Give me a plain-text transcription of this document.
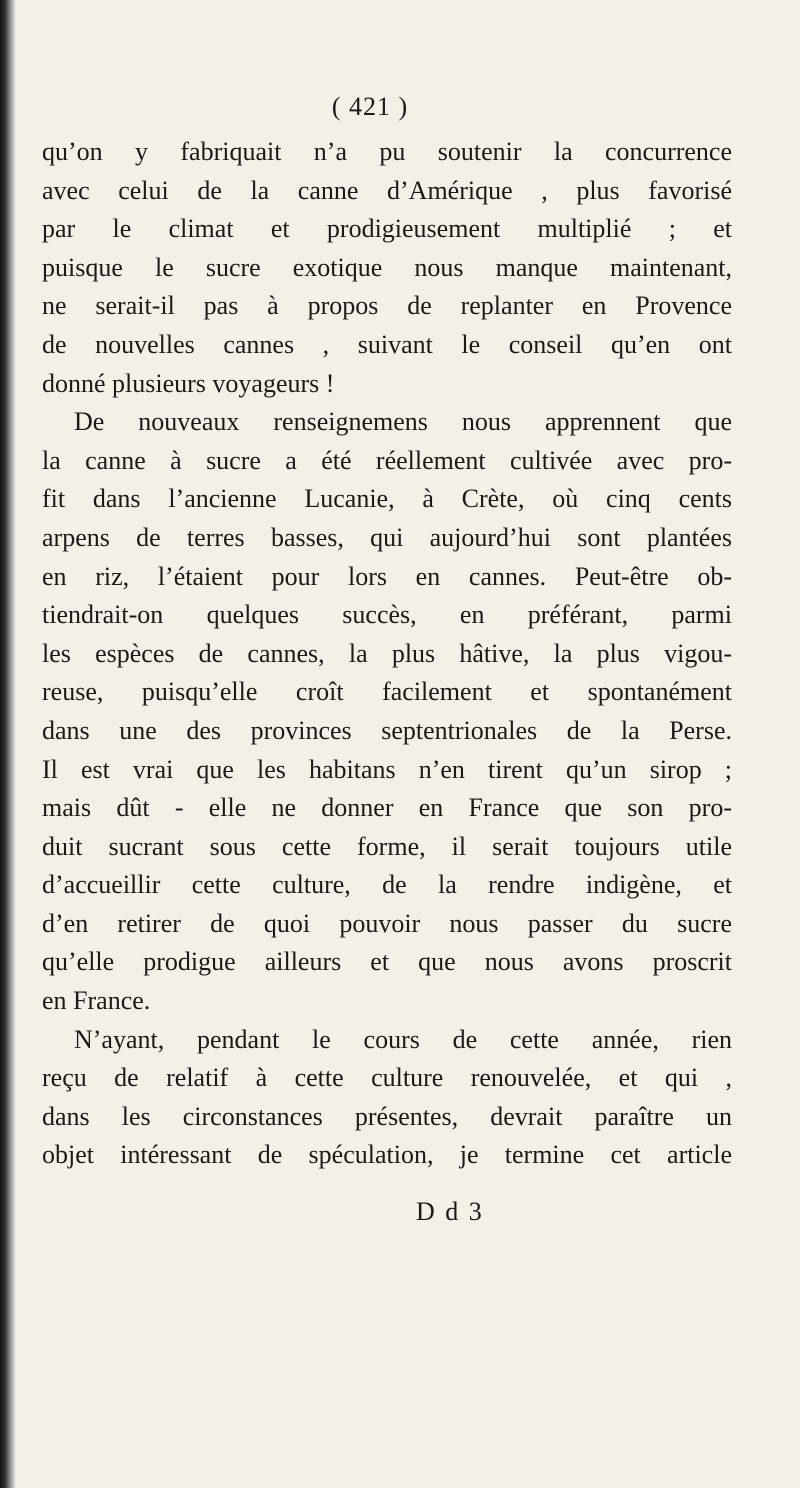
( 421 )
qu’on y fabriquait n’a pu soutenir la concurrence
avec celui de la canne d’Amérique , plus favorisé
par le climat et prodigieusement multiplié ; et
puisque le sucre exotique nous manque maintenant,
ne serait-il pas à propos de replanter en Provence
de nouvelles cannes , suivant le conseil qu’en ont
donné plusieurs voyageurs !
De nouveaux renseignemens nous apprennent que
la canne à sucre a été réellement cultivée avec pro-
fit dans l’ancienne Lucanie, à Crète, où cinq cents
arpens de terres basses, qui aujourd’hui sont plantées
en riz, l’étaient pour lors en cannes. Peut-être ob-
tiendrait-on quelques succès, en préférant, parmi
les espèces de cannes, la plus hâtive, la plus vigou-
reuse, puisqu’elle croît facilement et spontanément
dans une des provinces septentrionales de la Perse.
Il est vrai que les habitans n’en tirent qu’un sirop ;
mais dût - elle ne donner en France que son pro-
duit sucrant sous cette forme, il serait toujours utile
d’accueillir cette culture, de la rendre indigène, et
d’en retirer de quoi pouvoir nous passer du sucre
qu’elle prodigue ailleurs et que nous avons proscrit
en France.
N’ayant, pendant le cours de cette année, rien
reçu de relatif à cette culture renouvelée, et qui ,
dans les circonstances présentes, devrait paraître un
objet intéressant de spéculation, je termine cet article
D d 3
